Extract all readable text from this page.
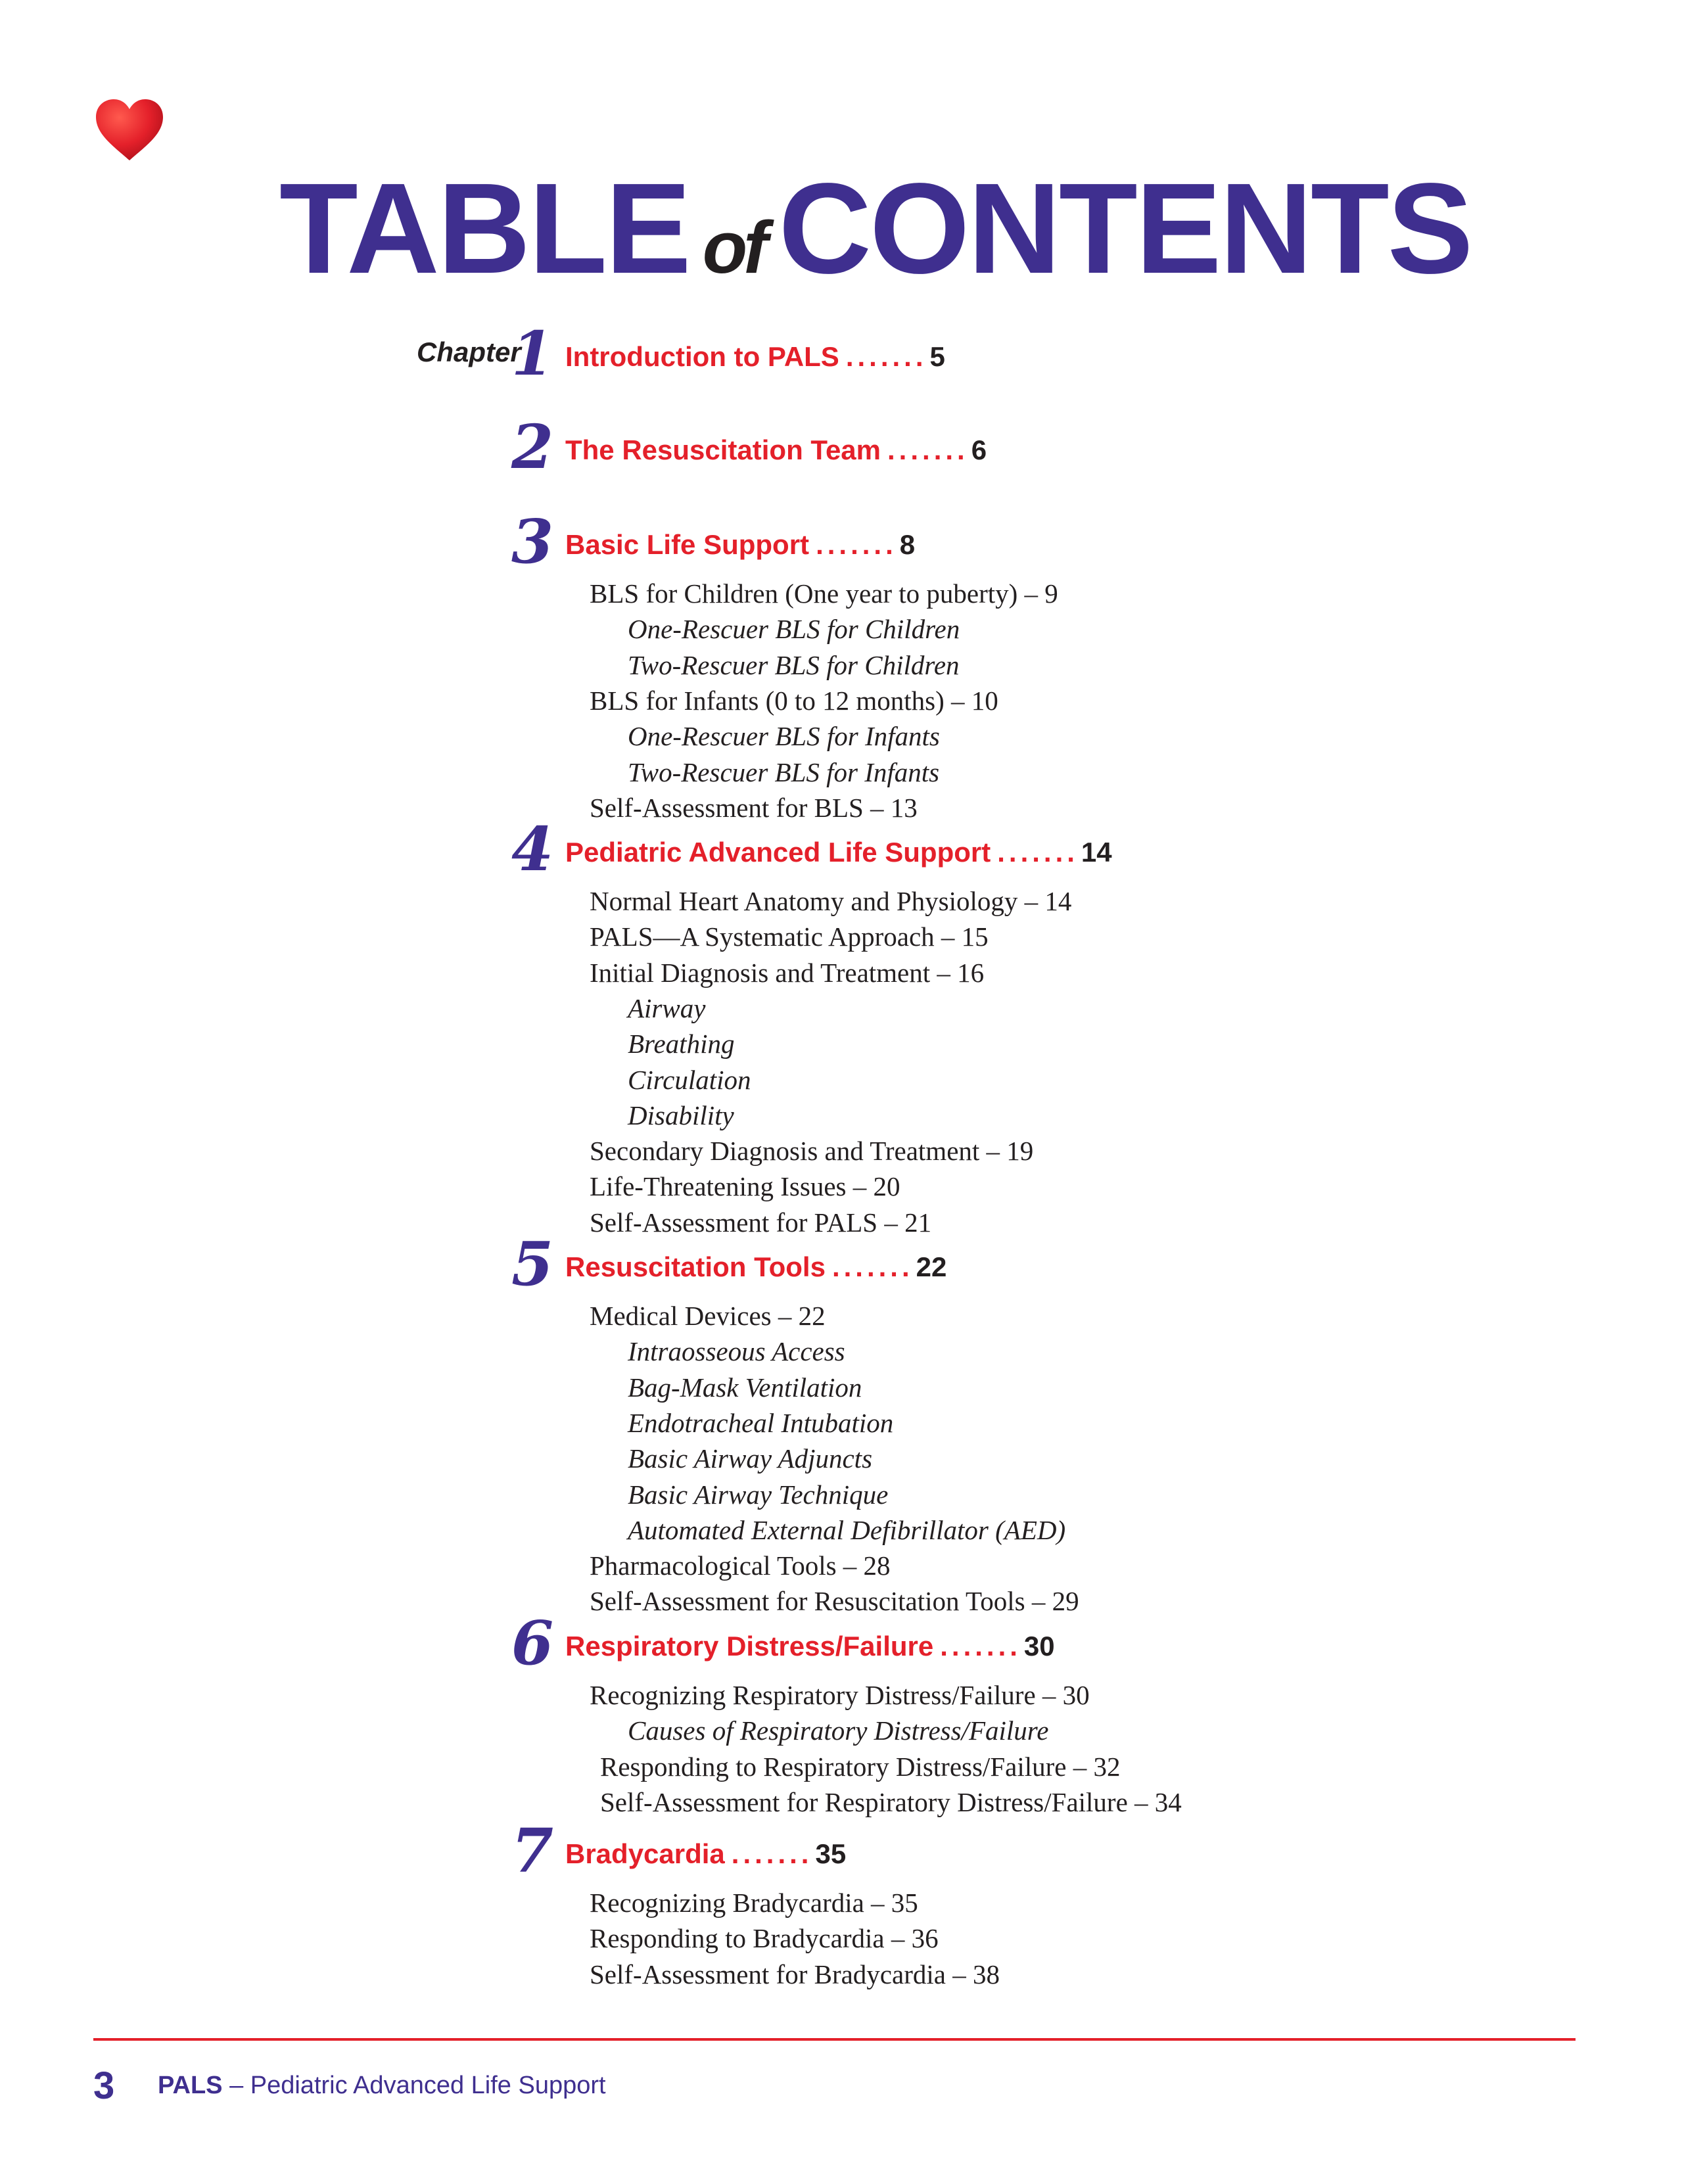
TABLE of CONTENTS
Chapter
1 Introduction to PALS .......5
2 The Resuscitation Team .......6
3 Basic Life Support .......8
BLS for Children (One year to puberty) – 9
One-Rescuer BLS for Children
Two-Rescuer BLS for Children
BLS for Infants (0 to 12 months) – 10
One-Rescuer BLS for Infants
Two-Rescuer BLS for Infants
Self-Assessment for BLS – 13
4 Pediatric Advanced Life Support .......14
Normal Heart Anatomy and Physiology – 14
PALS—A Systematic Approach – 15
Initial Diagnosis and Treatment – 16
Airway
Breathing
Circulation
Disability
Secondary Diagnosis and Treatment – 19
Life-Threatening Issues – 20
Self-Assessment for PALS – 21
5 Resuscitation Tools .......22
Medical Devices – 22
Intraosseous Access
Bag-Mask Ventilation
Endotracheal Intubation
Basic Airway Adjuncts
Basic Airway Technique
Automated External Defibrillator (AED)
Pharmacological Tools – 28
Self-Assessment for Resuscitation Tools – 29
6 Respiratory Distress/Failure .......30
Recognizing Respiratory Distress/Failure – 30
Causes of Respiratory Distress/Failure
Responding to Respiratory Distress/Failure – 32
Self-Assessment for Respiratory Distress/Failure – 34
7 Bradycardia .......35
Recognizing Bradycardia – 35
Responding to Bradycardia – 36
Self-Assessment for Bradycardia – 38
3 PALS – Pediatric Advanced Life Support
